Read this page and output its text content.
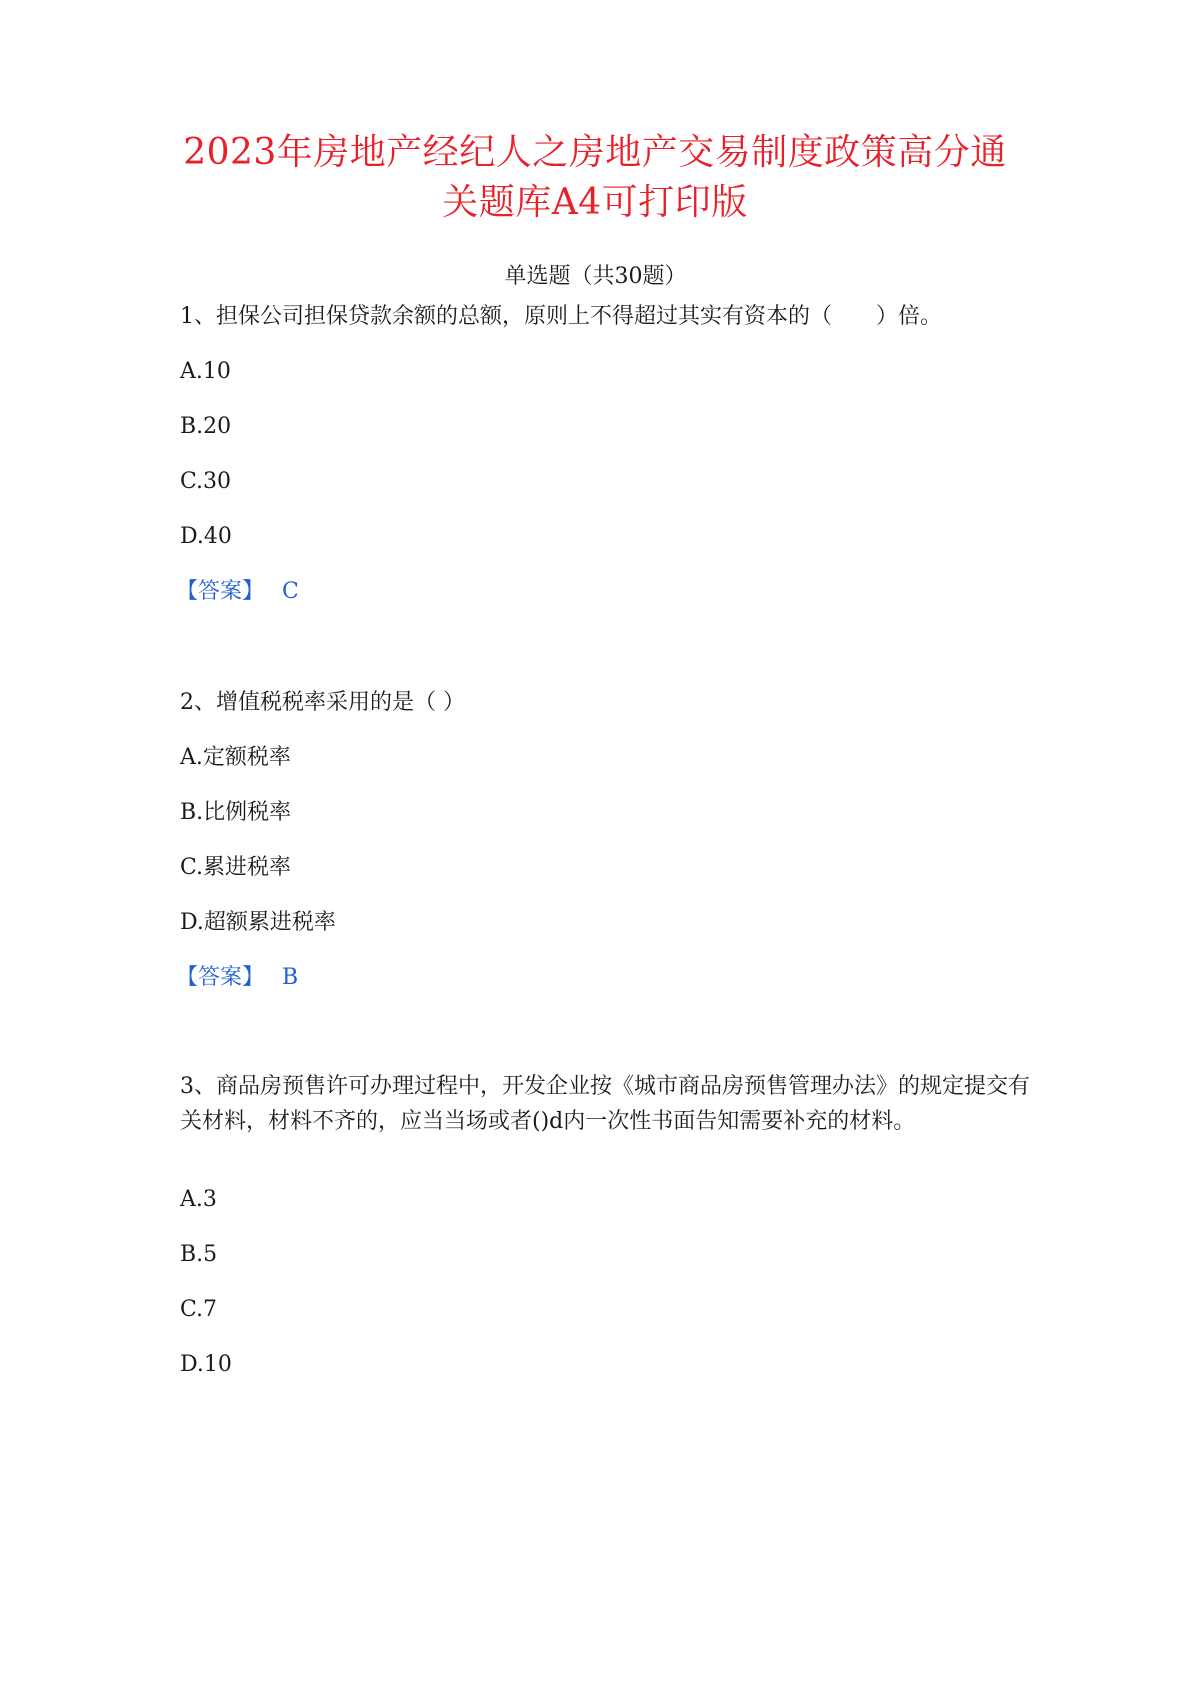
2023年房地产经纪人之房地产交易制度政策高分通
关题库A4可打印版
单选题（共30题）
1、担保公司担保贷款余额的总额，原则上不得超过其实有资本的（　　）倍。
A.10
B.20
C.30
D.40
【答案】 C
2、增值税税率采用的是（ ）
A.定额税率
B.比例税率
C.累进税率
D.超额累进税率
【答案】 B
3、商品房预售许可办理过程中，开发企业按《城市商品房预售管理办法》的规定提交有关材料，材料不齐的，应当当场或者()d内一次性书面告知需要补充的材料。
A.3
B.5
C.7
D.10
